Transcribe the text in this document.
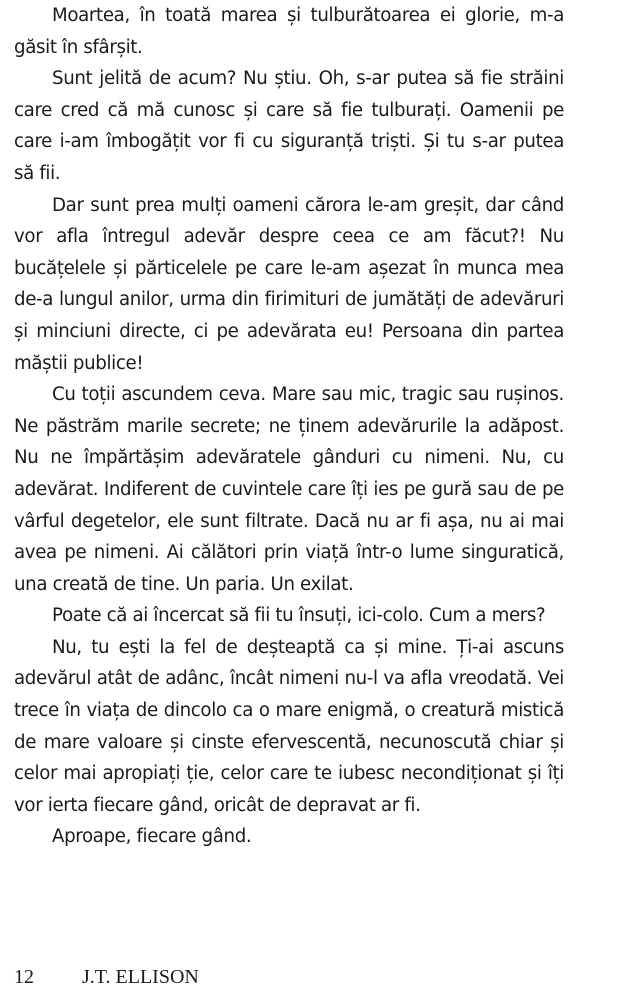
Moartea, în toată marea și tulburătoarea ei glorie, m-a găsit în sfârșit.

Sunt jelită de acum? Nu știu. Oh, s-ar putea să fie străini care cred că mă cunosc și care să fie tulburați. Oamenii pe care i-am îmbogățit vor fi cu siguranță triști. Și tu s-ar putea să fii.

Dar sunt prea mulți oameni cărora le-am greșit, dar când vor afla întregul adevăr despre ceea ce am făcut?! Nu bucățelele și părticelele pe care le-am așezat în munca mea de-a lungul anilor, urma din firimituri de jumătăți de adevăruri și minciuni directe, ci pe adevărata eu! Persoana din partea măștii publice!

Cu toții ascundem ceva. Mare sau mic, tragic sau rușinos. Ne păstrăm marile secrete; ne ținem adevărurile la adăpost. Nu ne împărtășim adevăratele gânduri cu nimeni. Nu, cu adevărat. Indiferent de cuvintele care îți ies pe gură sau de pe vârful degetelor, ele sunt filtrate. Dacă nu ar fi așa, nu ai mai avea pe nimeni. Ai călători prin viață într-o lume singuratică, una creată de tine. Un paria. Un exilat.

Poate că ai încercat să fii tu însuți, ici-colo. Cum a mers?

Nu, tu ești la fel de deșteaptă ca și mine. Ți-ai ascuns adevărul atât de adânc, încât nimeni nu-l va afla vreodată. Vei trece în viața de dincolo ca o mare enigmă, o creatură mistică de mare valoare și cinste efervescentă, necunoscută chiar și celor mai apropiați ție, celor care te iubesc necondiționat și îți vor ierta fiecare gând, oricât de depravat ar fi.

Aproape, fiecare gând.

12	J.T. ELLISON
